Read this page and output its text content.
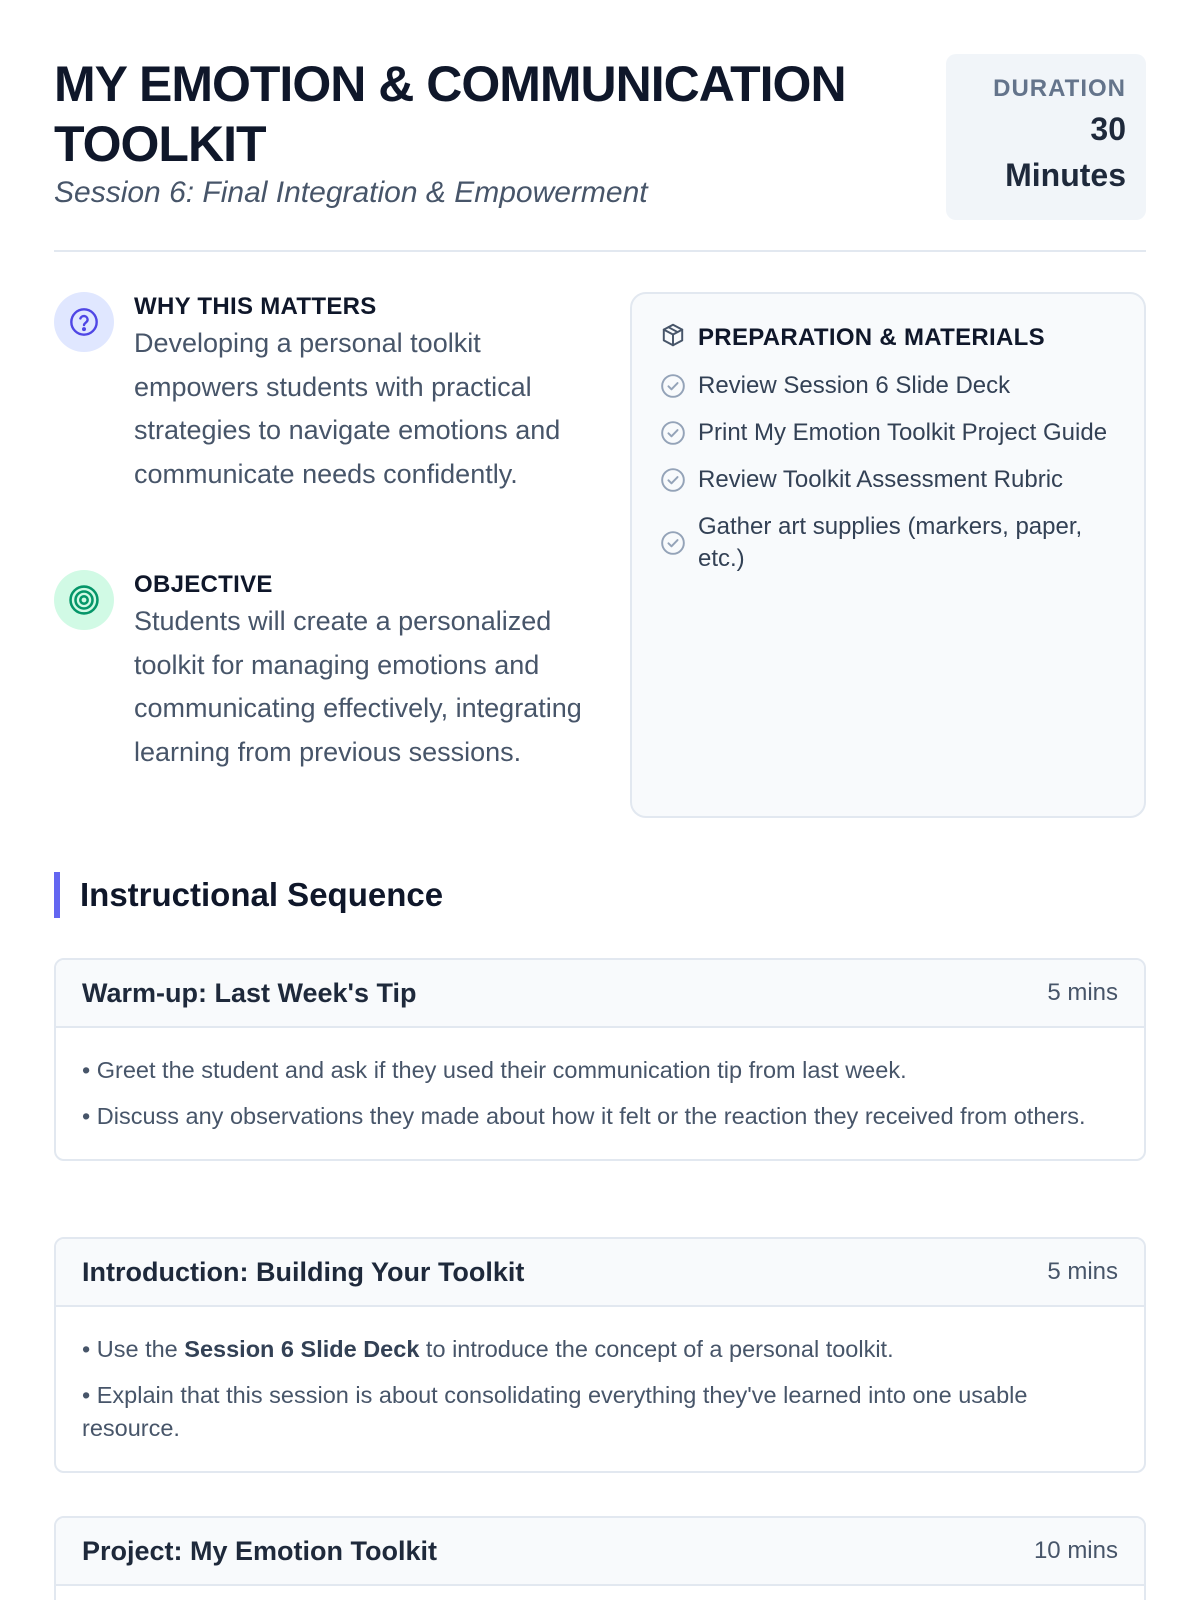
MY EMOTION & COMMUNICATION TOOLKIT

Session 6: Final Integration & Empowerment

DURATION
30
Minutes

WHY THIS MATTERS

Developing a personal toolkit empowers students with practical strategies to navigate emotions and communicate needs confidently.

OBJECTIVE

Students will create a personalized toolkit for managing emotions and communicating effectively, integrating learning from previous sessions.

PREPARATION & MATERIALS

Review Session 6 Slide Deck
Print My Emotion Toolkit Project Guide
Review Toolkit Assessment Rubric
Gather art supplies (markers, paper, etc.)
Instructional Sequence
Warm-up: Last Week's Tip	5 mins

• Greet the student and ask if they used their communication tip from last week.

• Discuss any observations they made about how it felt or the reaction they received from others.

Introduction: Building Your Toolkit	5 mins

• Use the Session 6 Slide Deck to introduce the concept of a personal toolkit.

• Explain that this session is about consolidating everything they've learned into one usable resource.

Project: My Emotion Toolkit	10 mins
